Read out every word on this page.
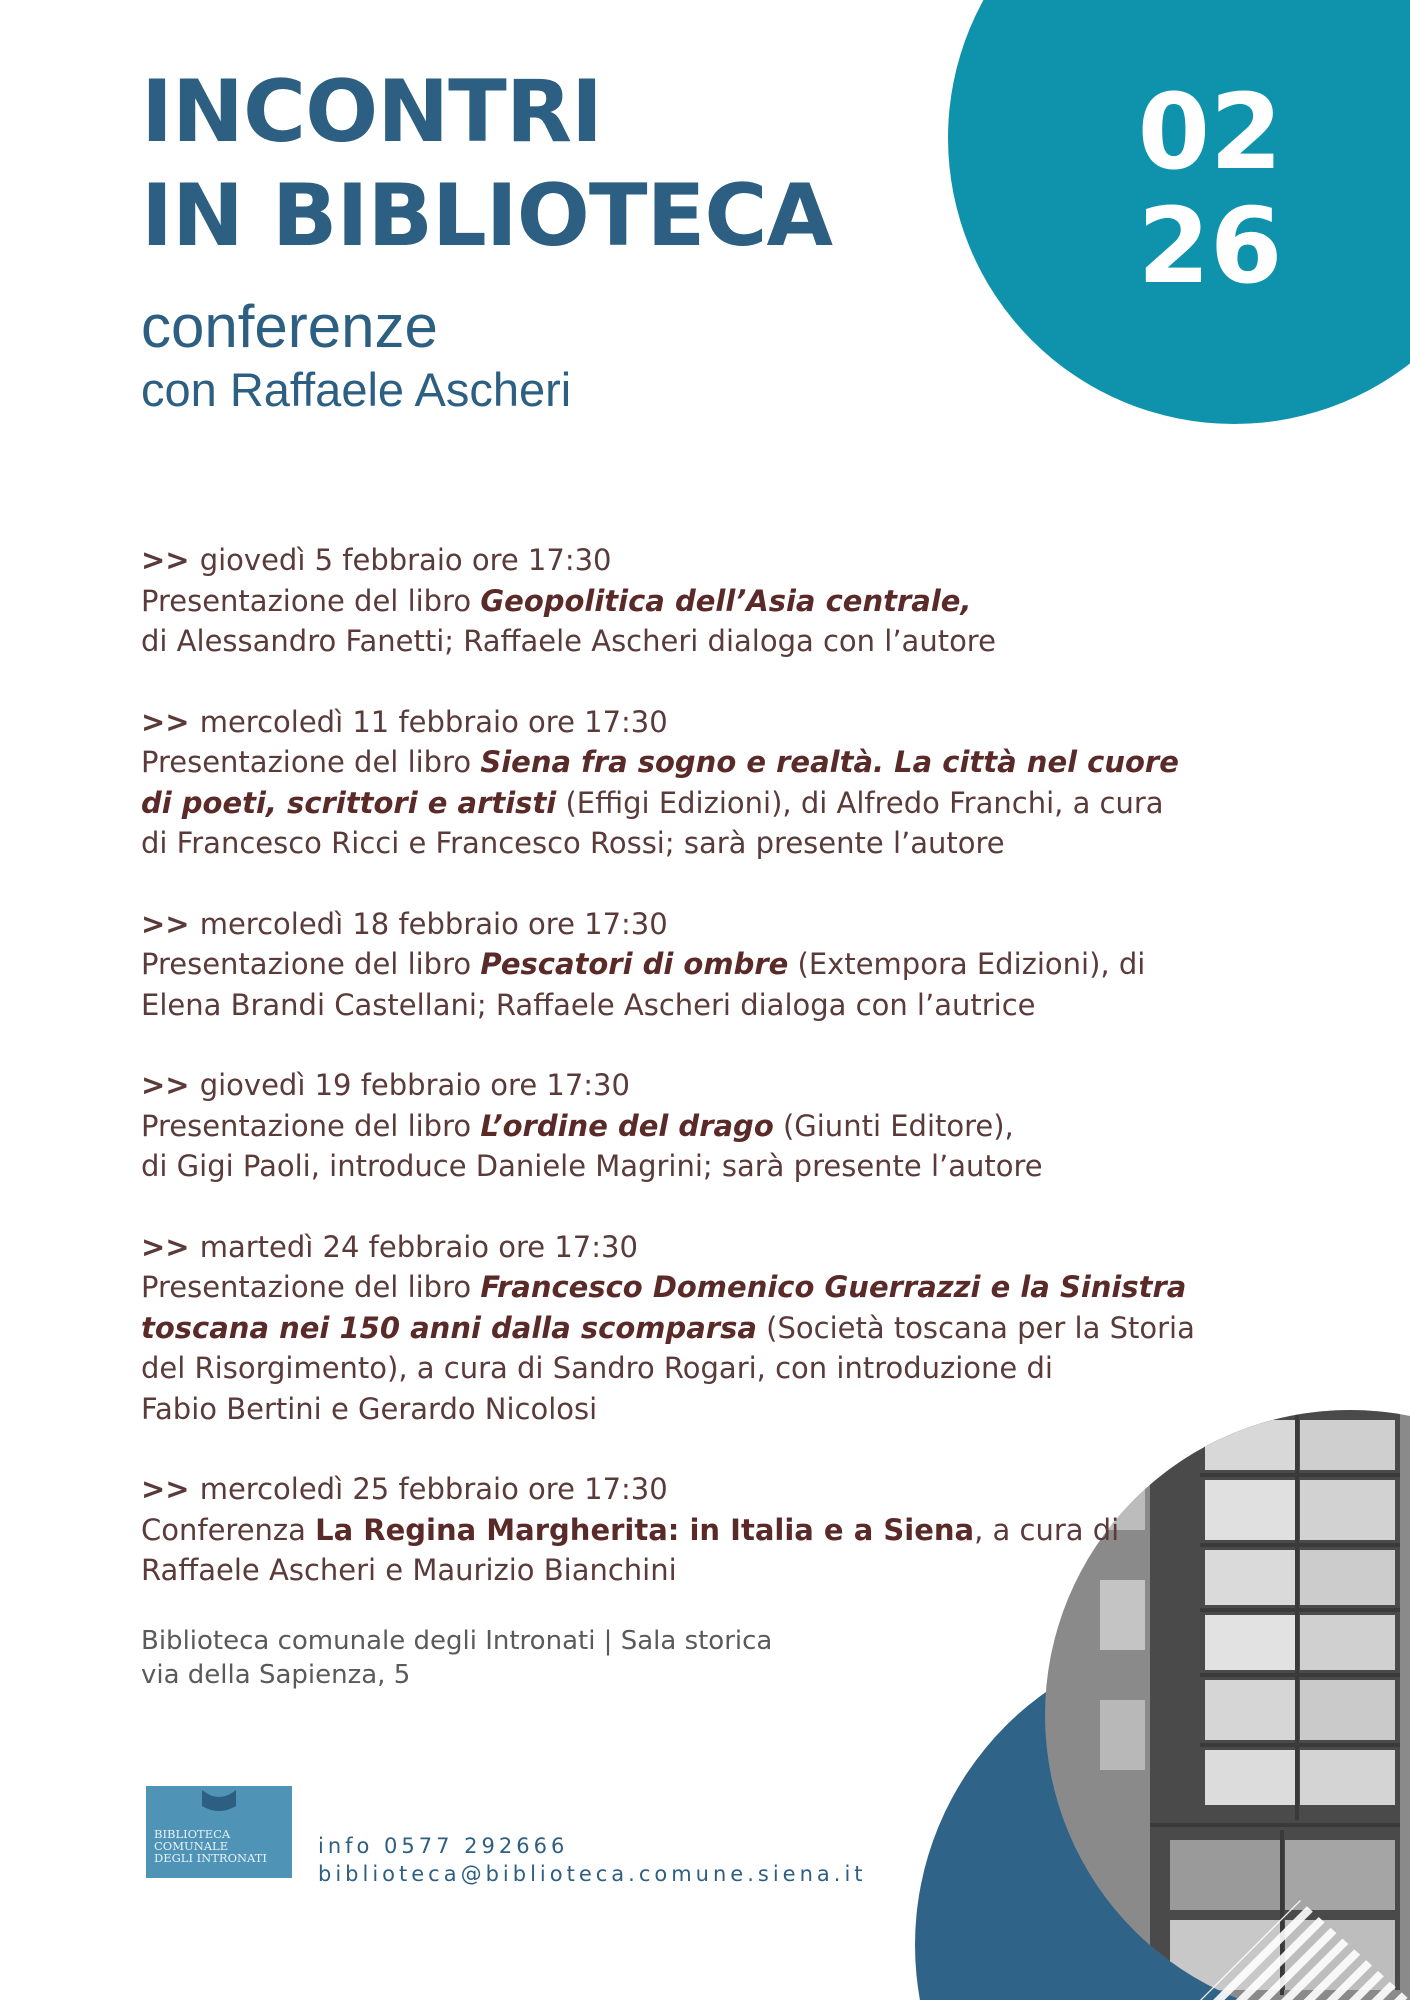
02
26
INCONTRI
IN BIBLIOTECA
conferenze
con Raffaele Ascheri
>> giovedì 5 febbraio ore 17:30
Presentazione del libro Geopolitica dell’Asia centrale,
di Alessandro Fanetti; Raffaele Ascheri dialoga con l’autore
>> mercoledì 11 febbraio ore 17:30
Presentazione del libro Siena fra sogno e realtà. La città nel cuore
di poeti, scrittori e artisti (Effigi Edizioni), di Alfredo Franchi, a cura
di Francesco Ricci e Francesco Rossi; sarà presente l’autore
>> mercoledì 18 febbraio ore 17:30
Presentazione del libro Pescatori di ombre (Extempora Edizioni), di
Elena Brandi Castellani; Raffaele Ascheri dialoga con l’autrice
>> giovedì 19 febbraio ore 17:30
Presentazione del libro L’ordine del drago (Giunti Editore),
di Gigi Paoli, introduce Daniele Magrini; sarà presente l’autore
>> martedì 24 febbraio ore 17:30
Presentazione del libro Francesco Domenico Guerrazzi e la Sinistra
toscana nei 150 anni dalla scomparsa (Società toscana per la Storia
del Risorgimento), a cura di Sandro Rogari, con introduzione di
Fabio Bertini e Gerardo Nicolosi
>> mercoledì 25 febbraio ore 17:30
Conferenza La Regina Margherita: in Italia e a Siena, a cura di
Raffaele Ascheri e Maurizio Bianchini
Biblioteca comunale degli Intronati | Sala storica
via della Sapienza, 5
BIBLIOTECA
COMUNALE
DEGLI INTRONATI info 0577 292666
biblioteca@biblioteca.comune.siena.it
